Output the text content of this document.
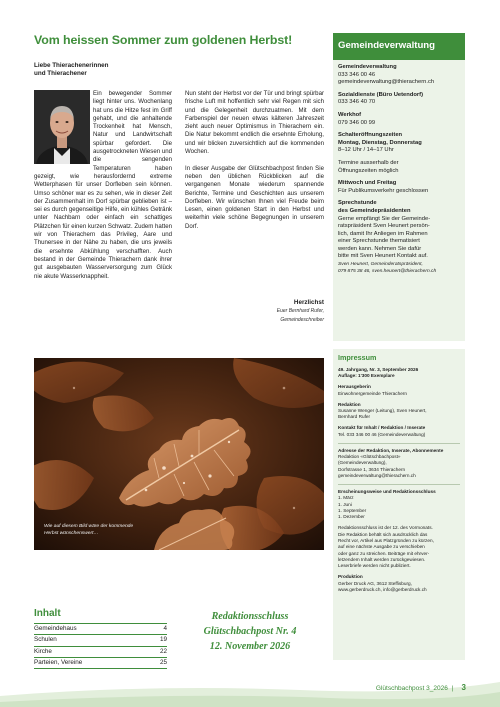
Vom heissen Sommer zum goldenen Herbst!
Liebe Thierachenerinnen
und Thierachener
Ein bewegender Sommer liegt hinter uns. Wochenlang hat uns die Hitze fest im Griff gehabt, und die anhaltende Trockenheit hat Mensch, Natur und Landwirtschaft spürbar gefordert. Die ausgetrockneten Wiesen und die sengenden Temperaturen haben gezeigt, wie herausfordernd extreme Wetterphasen für unser Dorfleben sein können. Umso schöner war es zu sehen, wie in dieser Zeit der Zusammenhalt im Dorf spürbar geblieben ist – sei es durch gegenseitige Hilfe, ein kühles Getränk unter Nachbarn oder einfach ein schattiges Plätzchen für einen kurzen Schwatz. Zudem hatten wir von Thierachern das Privileg, Aare und Thunersee in der Nähe zu haben, die uns jeweils die ersehnte Abkühlung verschafften. Auch bestand in der Gemeinde Thierachern dank ihrer gut ausgebauten Wasserversorgung zum Glück nie akute Wasserknappheit.

Nun steht der Herbst vor der Tür und bringt spürbar frische Luft mit hoffentlich sehr viel Regen mit sich und die Gelegenheit durchzuatmen. Mit dem Farbenspiel der neuen etwas kälteren Jahreszeit zieht auch neuer Optimismus in Thierachern ein. Die Natur bekommt endlich die ersehnte Erholung, und wir blicken zuversichtlich auf die kommenden Wochen.

In dieser Ausgabe der Glütschbachpost finden Sie neben den üblichen Rückblicken auf die vergangenen Monate wiederum spannende Berichte, Termine und Geschichten aus unserem Dorfleben. Wir wünschen Ihnen viel Freude beim Lesen, einen goldenen Start in den Herbst und weiterhin viele schöne Begegnungen in unserem Dorf.

Herzlichst
Euer Bernhard Rufer,
Gemeindeschreiber
Wie auf diesem Bild wäre der kommende
Herbst wünschenswert…
Gemeindeverwaltung
Gemeindeverwaltung
033 346 00 46
gemeindeverwaltung@thierachern.ch
Sozialdienste (Büro Uetendorf)
033 346 40 70
Werkhof
079 346 00 99
Schalteröffnungszeiten
Montag, Dienstag, Donnerstag
8–12 Uhr / 14–17 Uhr
Termine ausserhalb der
Öffnungszeiten möglich
Mittwoch und Freitag
Für Publikumsverkehr geschlossen
Sprechstunde
des Gemeindepräsidenten
Gerne empfängt Sie der Gemeinde-
ratspräsident Sven Heunert persön-
lich, damit Ihr Anliegen im Rahmen
einer Sprechstunde thematisiert
werden kann. Nehmen Sie dafür
bitte mit Sven Heunert Kontakt auf.
Sven Heunert, Gemeinderatspräsident,
079 875 38 46, sven.heunert@thierachern.ch
Impressum
49. Jahrgang, Nr. 3, September 2026
Auflage: 1'300 Exemplare
Herausgeberin
Einwohnergemeinde Thierachern
Redaktion
Susanne Wenger (Leitung), Sven Heunert,
Bernhard Rufer
Kontakt für Inhalt / Redaktion / Inserate
Tel. 033 346 00 46 (Gemeindeverwaltung)
Adresse der Redaktion, Inserate, Abonnemente
Redaktion «Glütschbachpost»
(Gemeindeverwaltung),
Dorfstrasse 1, 3634 Thierachern
gemeindeverwaltung@thierachern.ch
Erscheinungsweise und Redaktionsschluss
1. März
1. Juni
1. September
1. Dezember
Redaktionsschluss ist der 12. des Vormonats.
Die Redaktion behält sich ausdrücklich das
Recht vor, Artikel aus Platzgründen zu kürzen,
auf eine nächste Ausgabe zu verschieben
oder ganz zu streichen. Beiträge mit ehrver-
letzendem Inhalt werden zurückgewiesen.
Leserbriefe werden nicht publiziert.
Produktion
Gerber Druck AG, 3612 Steffisburg,
www.gerberdruck.ch, info@gerberdruck.ch
Inhalt
Gemeindehaus	4
Schulen	19
Kirche	22
Parteien, Vereine	25
Redaktionsschluss
Glütschbachpost Nr. 4
12. November 2026
Glütschbachpost 3_2026 | 3
